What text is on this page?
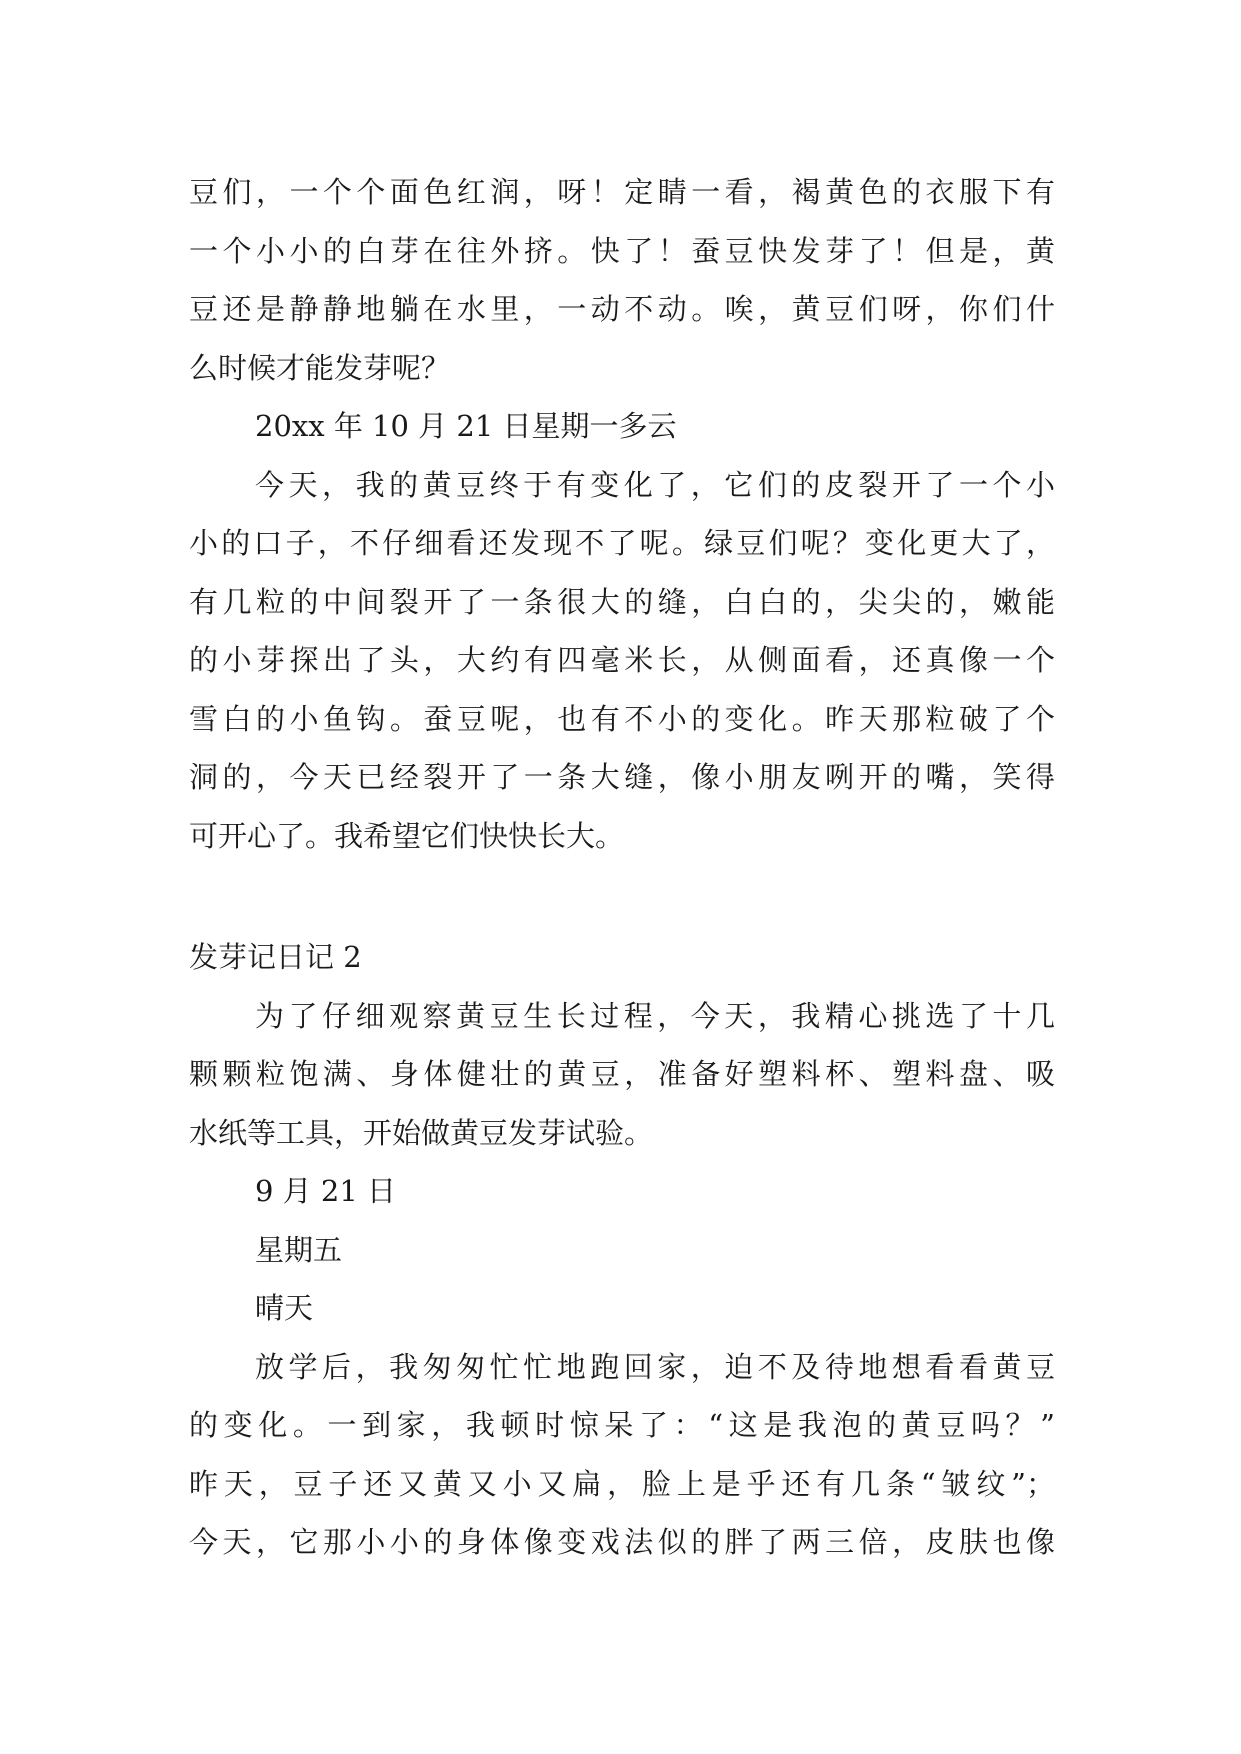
豆们，一个个面色红润，呀！定睛一看，褐黄色的衣服下有
一个小小的白芽在往外挤。快了！蚕豆快发芽了！但是，黄
豆还是静静地躺在水里，一动不动。唉，黄豆们呀，你们什
么时候才能发芽呢？
20xx 年 10 月 21 日星期一多云
今天，我的黄豆终于有变化了，它们的皮裂开了一个小
小的口子，不仔细看还发现不了呢。绿豆们呢？变化更大了，
有几粒的中间裂开了一条很大的缝，白白的，尖尖的，嫩能
的小芽探出了头，大约有四毫米长，从侧面看，还真像一个
雪白的小鱼钩。蚕豆呢，也有不小的变化。昨天那粒破了个
洞的，今天已经裂开了一条大缝，像小朋友咧开的嘴，笑得
可开心了。我希望它们快快长大。
发芽记日记 2
为了仔细观察黄豆生长过程，今天，我精心挑选了十几
颗颗粒饱满、身体健壮的黄豆，准备好塑料杯、塑料盘、吸
水纸等工具，开始做黄豆发芽试验。
9 月 21 日
星期五
晴天
放学后，我匆匆忙忙地跑回家，迫不及待地想看看黄豆
的变化。一到家，我顿时惊呆了：“这是我泡的黄豆吗？”
昨天，豆子还又黄又小又扁，脸上是乎还有几条“皱纹”；
今天，它那小小的身体像变戏法似的胖了两三倍，皮肤也像
